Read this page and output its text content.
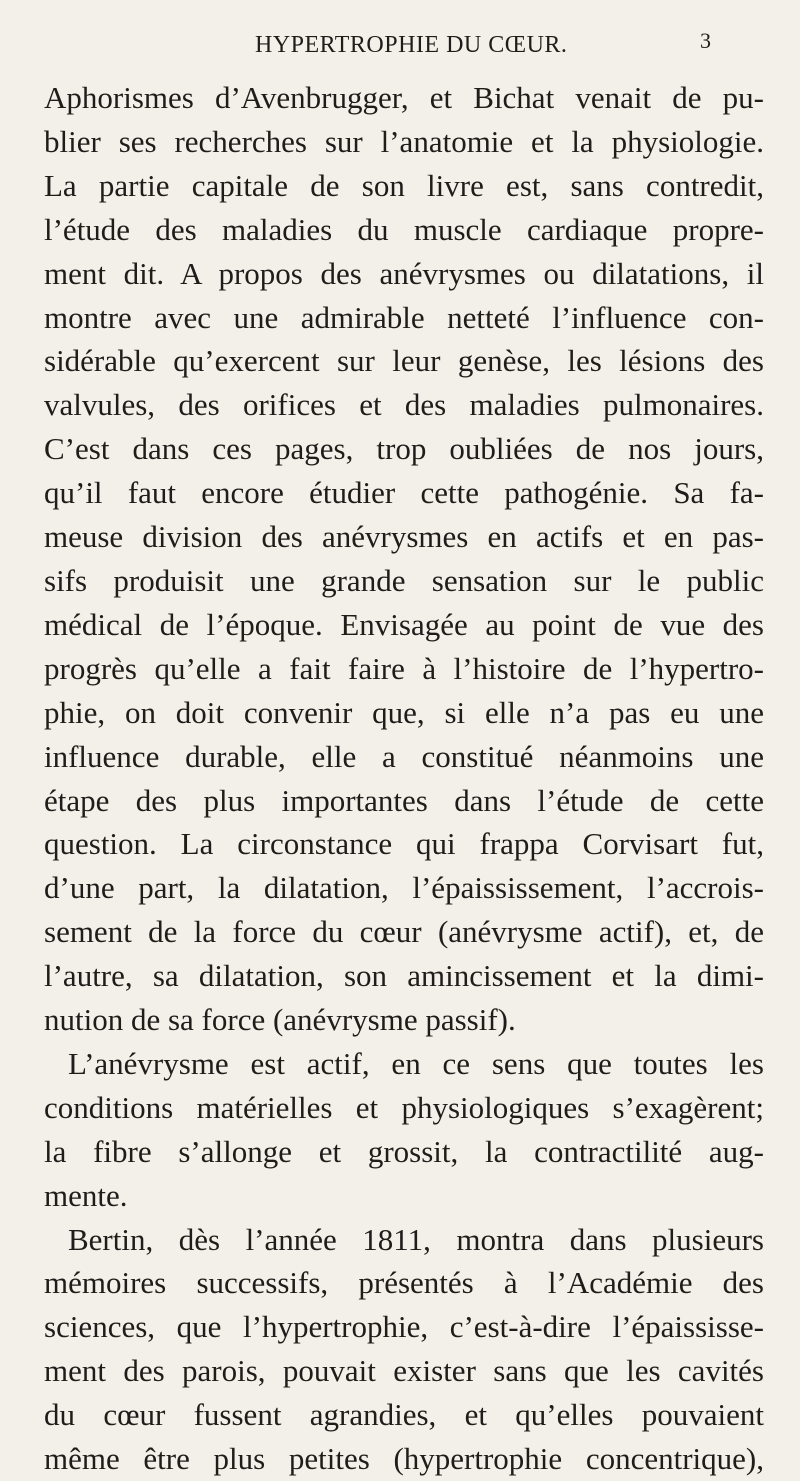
HYPERTROPHIE DU CŒUR.	3
Aphorismes d’Avenbrugger, et Bichat venait de pu-
blier ses recherches sur l’anatomie et la physiologie.
La partie capitale de son livre est, sans contredit,
l’étude des maladies du muscle cardiaque propre-
ment dit. A propos des anévrysmes ou dilatations, il
montre avec une admirable netteté l’influence con-
sidérable qu’exercent sur leur genèse, les lésions des
valvules, des orifices et des maladies pulmonaires.
C’est dans ces pages, trop oubliées de nos jours,
qu’il faut encore étudier cette pathogénie. Sa fa-
meuse division des anévrysmes en actifs et en pas-
sifs produisit une grande sensation sur le public
médical de l’époque. Envisagée au point de vue des
progrès qu’elle a fait faire à l’histoire de l’hypertro-
phie, on doit convenir que, si elle n’a pas eu une
influence durable, elle a constitué néanmoins une
étape des plus importantes dans l’étude de cette
question. La circonstance qui frappa Corvisart fut,
d’une part, la dilatation, l’épaississement, l’accrois-
sement de la force du cœur (anévrysme actif), et, de
l’autre, sa dilatation, son amincissement et la dimi-
nution de sa force (anévrysme passif).
L’anévrysme est actif, en ce sens que toutes les
conditions matérielles et physiologiques s’exagèrent;
la fibre s’allonge et grossit, la contractilité aug-
mente.
Bertin, dès l’année 1811, montra dans plusieurs
mémoires successifs, présentés à l’Académie des
sciences, que l’hypertrophie, c’est-à-dire l’épaississe-
ment des parois, pouvait exister sans que les cavités
du cœur fussent agrandies, et qu’elles pouvaient
même être plus petites (hypertrophie concentrique),
